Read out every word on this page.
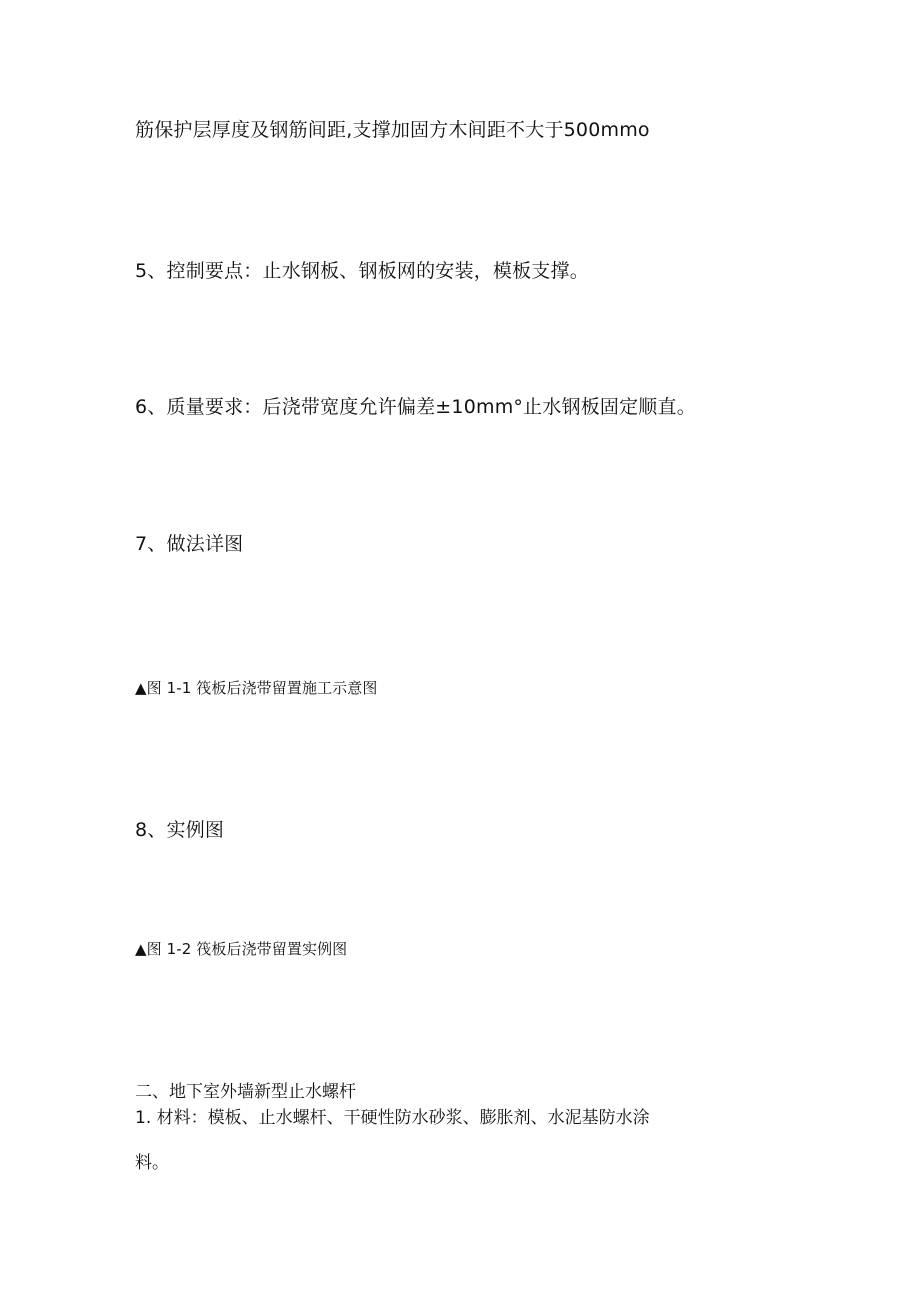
筋保护层厚度及钢筋间距,支撑加固方木间距不大于500mmo
5、控制要点：止水钢板、钢板网的安装，模板支撑。
6、质量要求：后浇带宽度允许偏差±10mm°止水钢板固定顺直。
7、做法详图
▲图 1-1 筏板后浇带留置施工示意图
8、实例图
▲图 1-2 筏板后浇带留置实例图
二、地下室外墙新型止水螺杆
1. 材料：模板、止水螺杆、干硬性防水砂浆、膨胀剂、水泥基防水涂
料。
